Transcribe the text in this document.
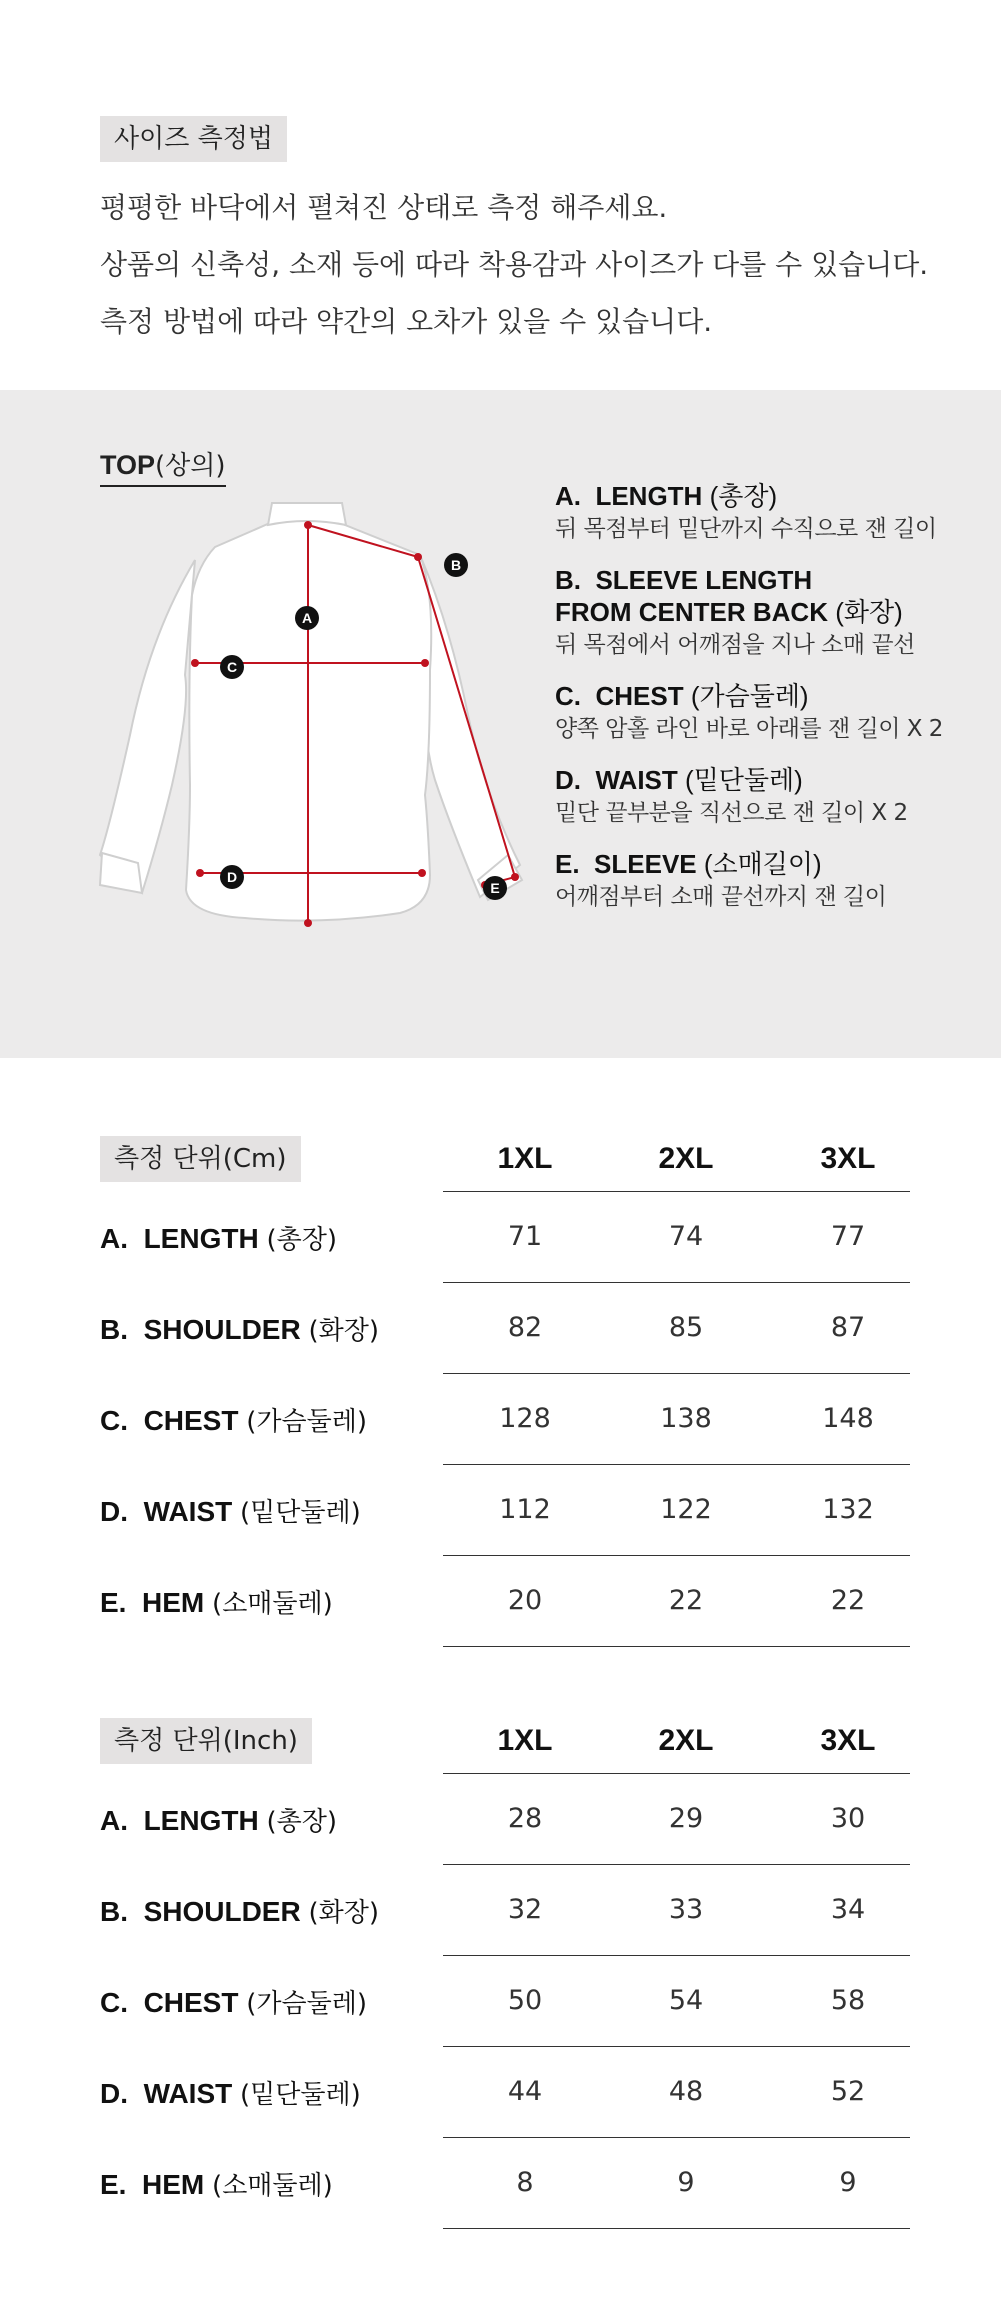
사이즈 측정법
평평한 바닥에서 펼쳐진 상태로 측정 해주세요.
상품의 신축성, 소재 등에 따라 착용감과 사이즈가 다를 수 있습니다.
측정 방법에 따라 약간의 오차가 있을 수 있습니다.
TOP(상의)
A
B
C
D
E
A. LENGTH (총장)
뒤 목점부터 밑단까지 수직으로 잰 길이
B. SLEEVE LENGTH
FROM CENTER BACK (화장)
뒤 목점에서 어깨점을 지나 소매 끝선
C. CHEST (가슴둘레)
양쪽 암홀 라인 바로 아래를 잰 길이 X 2
D. WAIST (밑단둘레)
밑단 끝부분을 직선으로 잰 길이 X 2
E. SLEEVE (소매길이)
어깨점부터 소매 끝선까지 잰 길이
측정 단위(Cm)	1XL	2XL	3XL
A. LENGTH (총장)	71	74	77
B. SHOULDER (화장)	82	85	87
C. CHEST (가슴둘레)	128	138	148
D. WAIST (밑단둘레)	112	122	132
E. HEM (소매둘레)	20	22	22
측정 단위(Inch)	1XL	2XL	3XL
A. LENGTH (총장)	28	29	30
B. SHOULDER (화장)	32	33	34
C. CHEST (가슴둘레)	50	54	58
D. WAIST (밑단둘레)	44	48	52
E. HEM (소매둘레)	8	9	9
